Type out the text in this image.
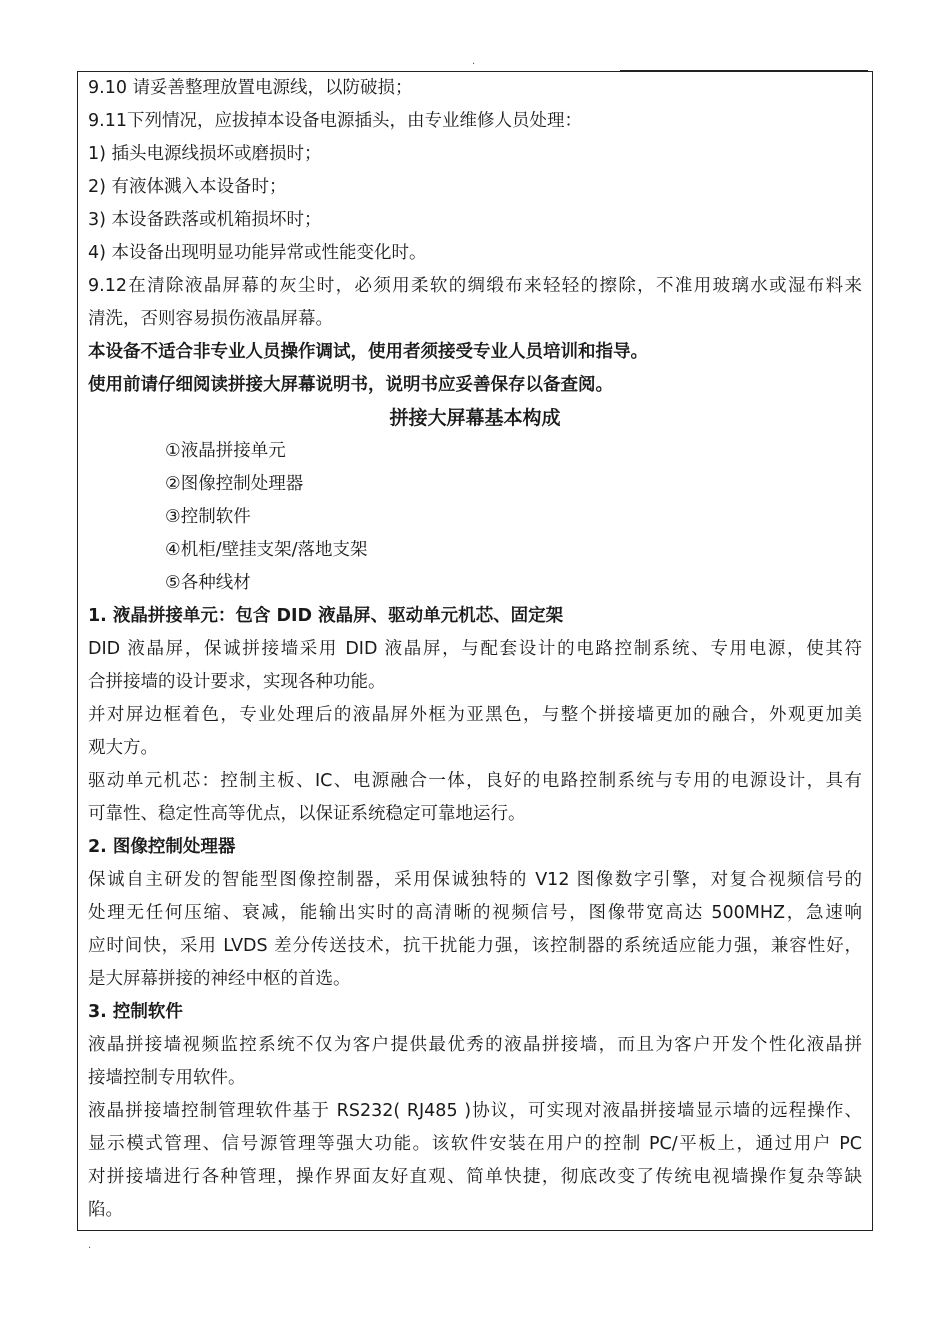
·
9.10 请妥善整理放置电源线，以防破损；
9.11下列情况，应拔掉本设备电源插头，由专业维修人员处理：
1) 插头电源线损坏或磨损时；
2) 有液体溅入本设备时；
3) 本设备跌落或机箱损坏时；
4) 本设备出现明显功能异常或性能变化时。
9.12在清除液晶屏幕的灰尘时，必须用柔软的绸缎布来轻轻的擦除，不准用玻璃水或湿布料来
清洗，否则容易损伤液晶屏幕。
本设备不适合非专业人员操作调试，使用者须接受专业人员培训和指导。
使用前请仔细阅读拼接大屏幕说明书，说明书应妥善保存以备查阅。
拼接大屏幕基本构成
①液晶拼接单元
②图像控制处理器
③控制软件
④机柜/壁挂支架/落地支架
⑤各种线材
1. 液晶拼接单元：包含 DID 液晶屏、驱动单元机芯、固定架
DID 液晶屏，保诚拼接墙采用 DID 液晶屏，与配套设计的电路控制系统、专用电源，使其符
合拼接墙的设计要求，实现各种功能。
并对屏边框着色，专业处理后的液晶屏外框为亚黑色，与整个拼接墙更加的融合，外观更加美
观大方。
驱动单元机芯：控制主板、IC、电源融合一体，良好的电路控制系统与专用的电源设计，具有
可靠性、稳定性高等优点，以保证系统稳定可靠地运行。
2. 图像控制处理器
保诚自主研发的智能型图像控制器，采用保诚独特的 V12 图像数字引擎，对复合视频信号的
处理无任何压缩、衰减，能输出实时的高清晰的视频信号，图像带宽高达 500MHZ，急速响
应时间快，采用 LVDS 差分传送技术，抗干扰能力强，该控制器的系统适应能力强，兼容性好，
是大屏幕拼接的神经中枢的首选。
3. 控制软件
液晶拼接墙视频监控系统不仅为客户提供最优秀的液晶拼接墙，而且为客户开发个性化液晶拼
接墙控制专用软件。
液晶拼接墙控制管理软件基于 RS232( RJ485 )协议，可实现对液晶拼接墙显示墙的远程操作、
显示模式管理、信号源管理等强大功能。该软件安装在用户的控制 PC/平板上，通过用户 PC
对拼接墙进行各种管理，操作界面友好直观、简单快捷，彻底改变了传统电视墙操作复杂等缺
陷。
·
